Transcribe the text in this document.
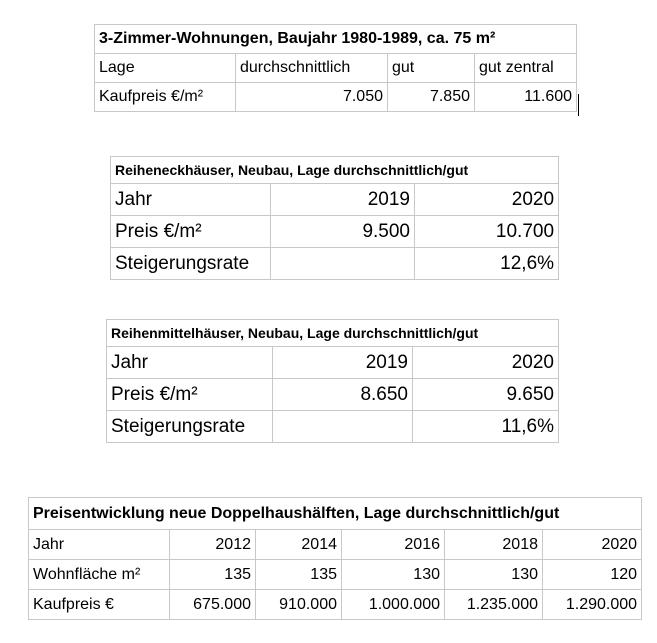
3-Zimmer-Wohnungen, Baujahr 1980-1989, ca. 75 m²			
Lage	durchschnittlich	gut	gut zentral
Kaufpreis €/m²	7.050	7.850	11.600
Reiheneckhäuser, Neubau, Lage durchschnittlich/gut		
Jahr	2019	2020
Preis €/m²	9.500	10.700
Steigerungsrate		12,6%
Reihenmittelhäuser, Neubau, Lage durchschnittlich/gut		
Jahr	2019	2020
Preis €/m²	8.650	9.650
Steigerungsrate		11,6%
Preisentwicklung neue Doppelhaushälften, Lage durchschnittlich/gut					
Jahr	2012	2014	2016	2018	2020
Wohnfläche m²	135	135	130	130	120
Kaufpreis €	675.000	910.000	1.000.000	1.235.000	1.290.000
